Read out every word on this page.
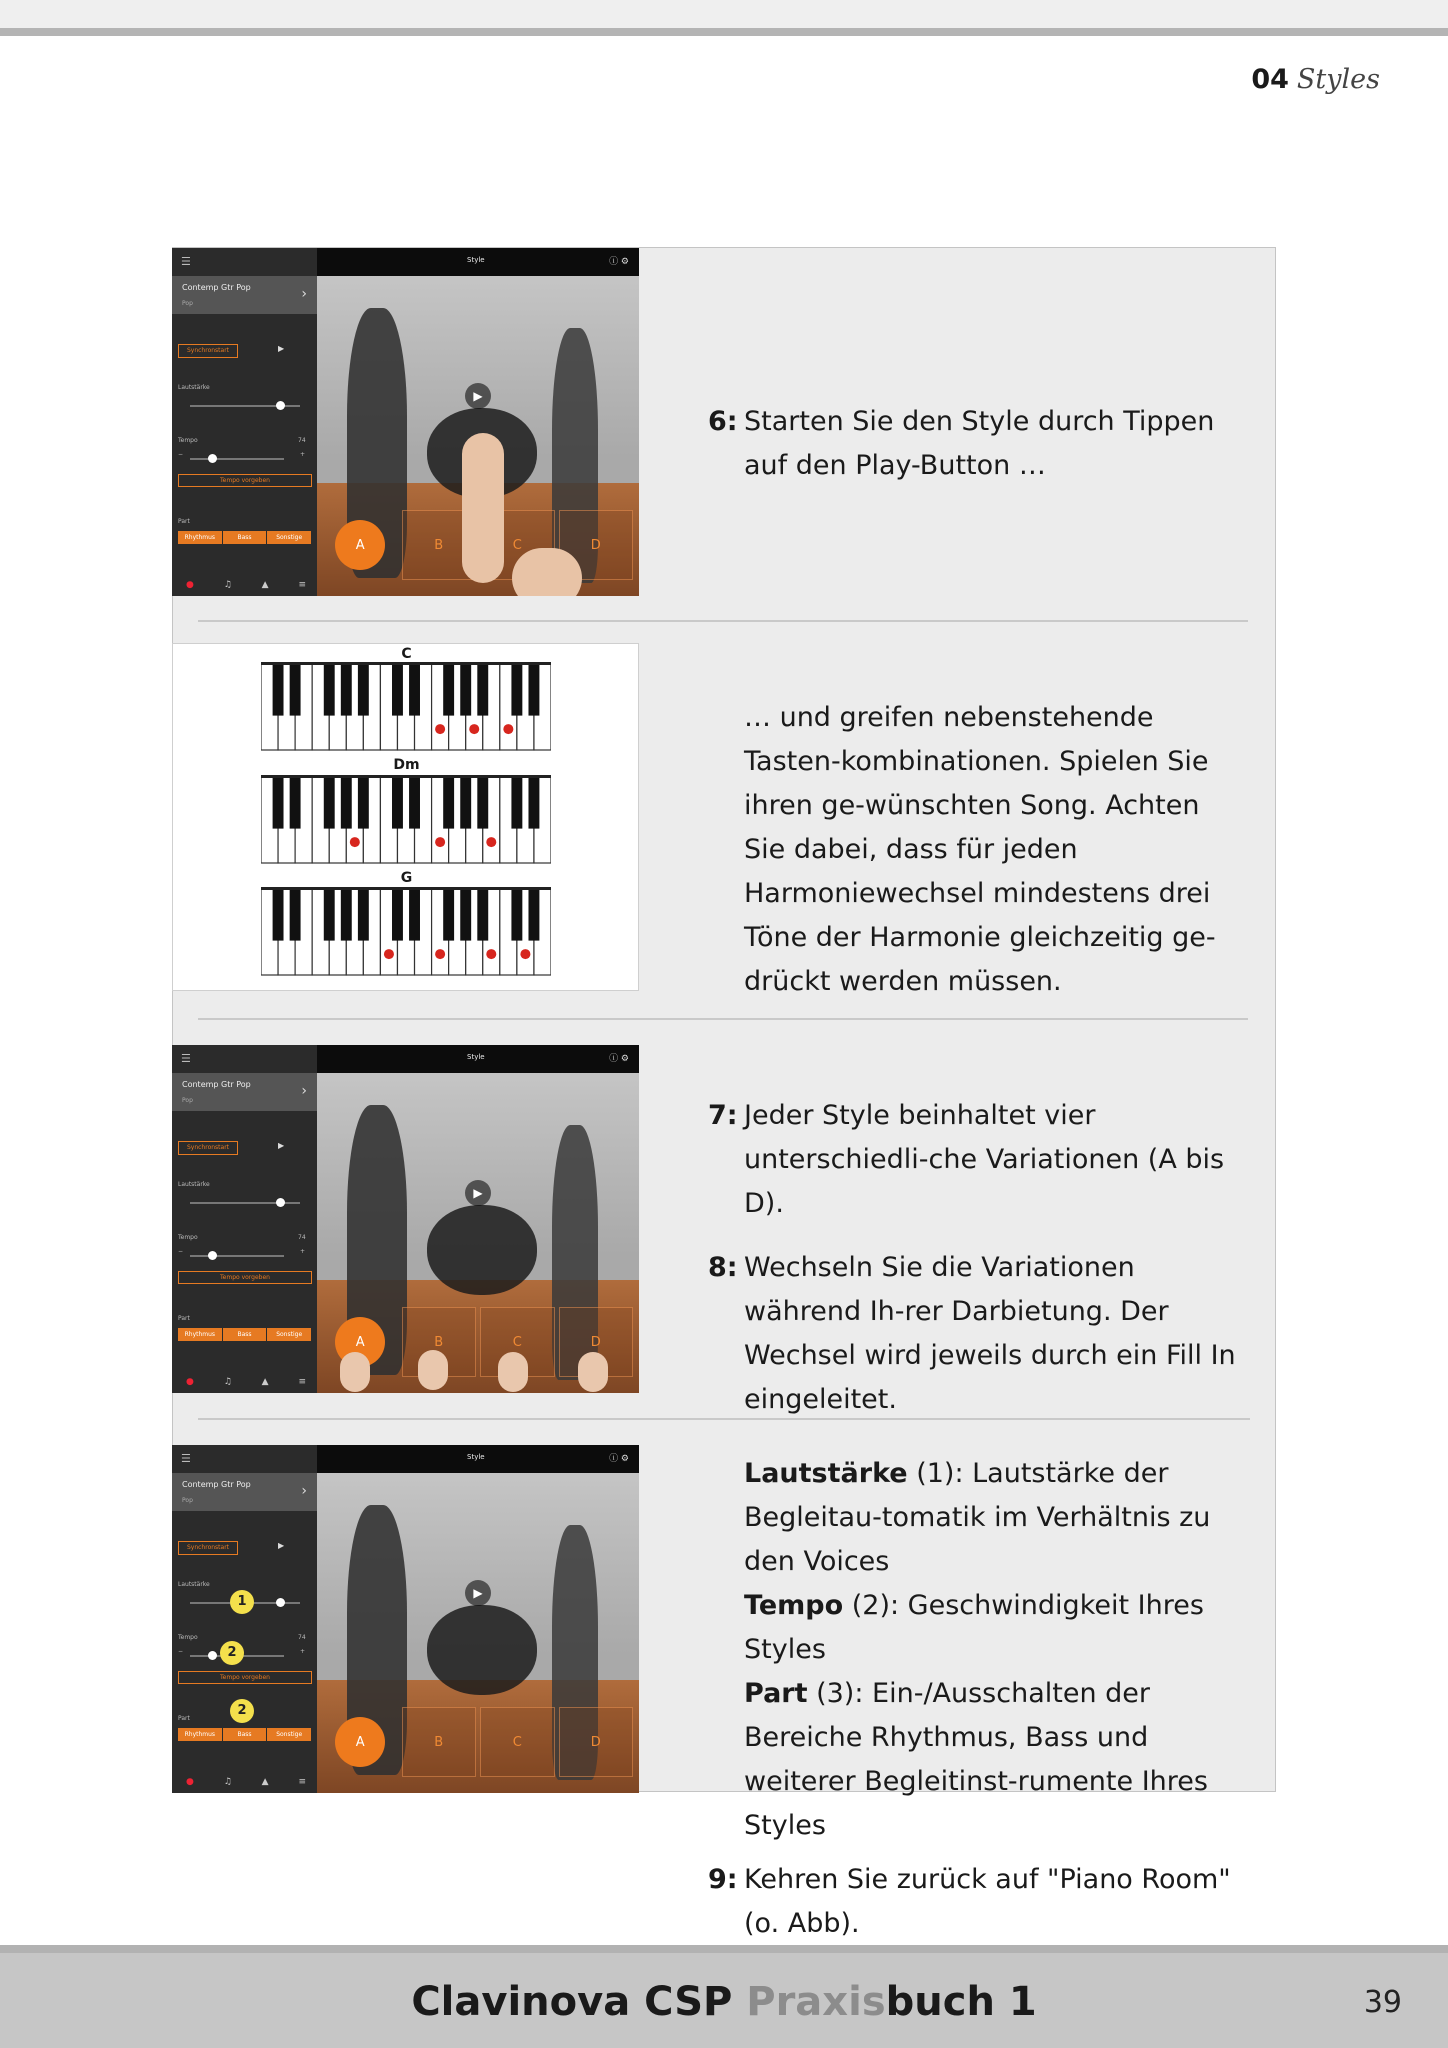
04 Styles
☰
Contemp Gtr Pop
Pop
›
Synchronstart	▶
Lautstärke
Tempo	74
−	+
Tempo vorgeben
Part
Rhythmus	Bass	Sonstige
●	♫	▲	≡
Style	ⓘ ⚙
▶
A	B	C	D
☰
Contemp Gtr Pop
Pop
›
Synchronstart	▶
Lautstärke
Tempo	74
−	+
Tempo vorgeben
Part
Rhythmus	Bass	Sonstige
●	♫	▲	≡
Style	ⓘ ⚙
▶
A	B	C	D
☰
Contemp Gtr Pop
Pop
›
Synchronstart	▶
Lautstärke
Tempo	74
−	+
Tempo vorgeben
Part
Rhythmus	Bass	Sonstige
●	♫	▲	≡
Style	ⓘ ⚙
▶
A	B	C	D
1
2
2
C
Dm
G
6: Starten Sie den Style durch Tippen auf den Play-Button …
… und greifen nebenstehende Tasten-kombinationen. Spielen Sie ihren ge-wünschten Song. Achten Sie dabei, dass für jeden Harmoniewechsel mindestens drei Töne der Harmonie gleichzeitig ge-drückt werden müssen.
7: Jeder Style beinhaltet vier unterschiedli-che Variationen (A bis D).
8: Wechseln Sie die Variationen während Ih-rer Darbietung. Der Wechsel wird jeweils durch ein Fill In eingeleitet.
Lautstärke (1): Lautstärke der Begleitau-tomatik im Verhältnis zu den Voices
Tempo (2): Geschwindigkeit Ihres Styles
Part (3): Ein-/Ausschalten der Bereiche Rhythmus, Bass und weiterer Begleitinst-rumente Ihres Styles
9: Kehren Sie zurück auf "Piano Room" (o. Abb).
Clavinova CSP Praxisbuch 1	39
